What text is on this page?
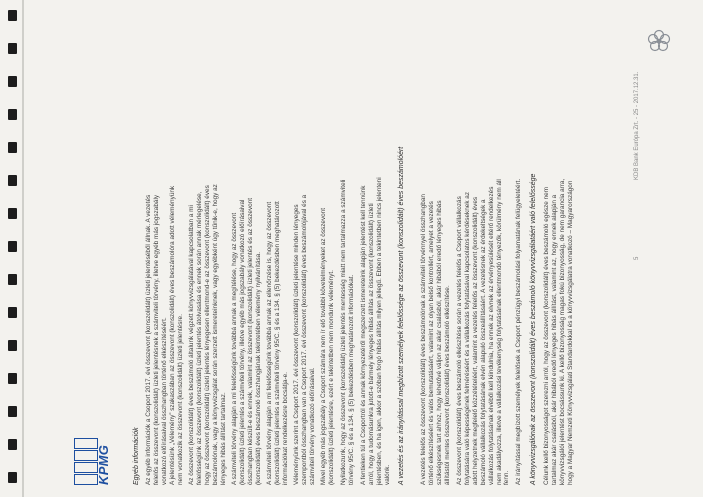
KPMG	Egyéb információk Az egyéb információk a Csoport 2017. évi összevont (konszolidált) üzleti jelentéséből állnak. A vezetés
felelős az összevont (konszolidált) üzleti jelentésnek a számviteli törvény, illetve egyéb más jogszabály
vonatkozó előírásaival összhangban történő elkészítéséért.
A jelentésünk „Vélemény” szakaszában az összevont (konszolidált) éves beszámolóra adott véleményünk
nem vonatkozik az összevont (konszolidált) üzleti jelentésre.

Az összevont (konszolidált) éves beszámoló általunk végzett könyvvizsgálatával kapcsolatban a mi
felelősségünk az összevont (konszolidált) üzleti jelentés átolvasása és ennek során annak mérlegelése,
hogy az összevont (konszolidált) üzleti jelentés lényegesen ellentmond-e az összevont (konszolidált) éves
beszámolónak, vagy a könyvvizsgálat során szerzett ismereteinknek, vagy egyébként úgy tűnik-e, hogy az
lényeges hibás állítást tartalmaz.

A számviteli törvény alapján a mi felelősségünk továbbá annak a megítélése, hogy az összevont
(konszolidált) üzleti jelentés a számviteli törvény, illetve egyéb más jogszabály vonatkozó előírásaival
összhangban készült-e és ennek, valamint az összevont (konszolidált) üzleti jelentés és az összevont
(konszolidált) éves beszámoló összhangjának tekintetében vélemény nyilvánítása.

A számviteli törvény alapján a mi felelősségünk továbbá annak az ellenőrzése is, hogy az összevont
(konszolidált) üzleti jelentés a számviteli törvény 95/C. § és a 134. § (5) bekezdésben meghatározott
információkat rendelkezésre bocsátja-e.

Véleményünk szerint a Csoport 2017. évi összevont (konszolidált) üzleti jelentése minden lényeges
szempontból összhangban van a Csoport 2017. évi összevont (konszolidált) éves beszámolójával és a
számviteli törvény vonatkozó előírásaival.

Mivel egyéb más jogszabály a Csoport számára nem ír elő további követelményeket az összevont
(konszolidált) üzleti jelentésre, ezért e tekintetben nem mondunk véleményt.

Nyilatkozunk, hogy az összevont (konszolidált) üzleti jelentés mentesség miatt nem tartalmazza a számviteli
törvény 95/C. § és a 134. § (5) bekezdésben meghatározott információkat.

A fentieken túl a Csoportról és annak környezetéről megszerzett ismereteink alapján jelentést kell tennünk
arról, hogy a tudomásunkra jutott-e bármely lényeges hibás állítás az összevont (konszolidált) üzleti
jelentésben, és ha igen, akkor a szóban forgó hibás állítás milyen jellegű. Ebben a tekintetben nincs jelenteni
valónk. A vezetés és az irányítással megbízott személyek felelőssége az összevont (konszolidált) éves beszámolóért A vezetés felelős az összevont (konszolidált) éves beszámolónak a számviteli törvénnyel összhangban
történő elkészítéséért és valós bemutatásáért, valamint az olyan belső kontrollért, amelyet a vezetés
szükségesnek tart ahhoz, hogy lehetővé váljon az akár csalásból, akár hibából eredő lényeges hibás
állítástól mentes összevont (konszolidált) éves beszámoló elkészítése.

Az összevont (konszolidált) éves beszámoló elkészítése során a vezetés felelős a Csoport vállalkozás
folytatására való képességének felméréséért és a vállalkozás folytatásával kapcsolatos kérdéseknek az
adott helyzetnek megfelelő közzétételéért, valamint a vezetés felelős az összevont (konszolidált) éves
beszámoló vállalkozás folytatásának elvén alapuló összeállításáért. A vezetésnek az érdekeltségek a
vállalkozás folytatásának elvéből kell kiindulnia, ha ennek az elvnek az érvényesülését eltérő rendelkezés
nem akadályozza, illetve a vállalkozási tevékenység folytatásának ellentmondó tényezők, körülmény nem áll
fenn. Az irányítással megbízott személyek felelősek a Csoport pénzügyi beszámolási folyamatának felügyeletéért. A könyvvizsgálónak az összevont (konszolidált) éves beszámoló könyvvizsgálatáért való felelőssége Célunk kellő bizonyosságot szerezni arról, hogy az összevont (konszolidált) éves beszámoló egésze nem
tartalmaz akár csalásból, akár hibából eredő lényeges hibás állítást, valamint az, hogy ennek alapján a
könyvvizsgálói jelentést bocsássunk ki. A kellő bizonyosság magas fokú bizonyosság, de nem garancia arra,
hogy a Magyar Nemzeti Könyvvizsgálati Standardokkal és a könyvvizsgálatra vonatkozó – Magyarországon

5
KDB Bank Európa Zrt. - 25 - 2017.12.31.
